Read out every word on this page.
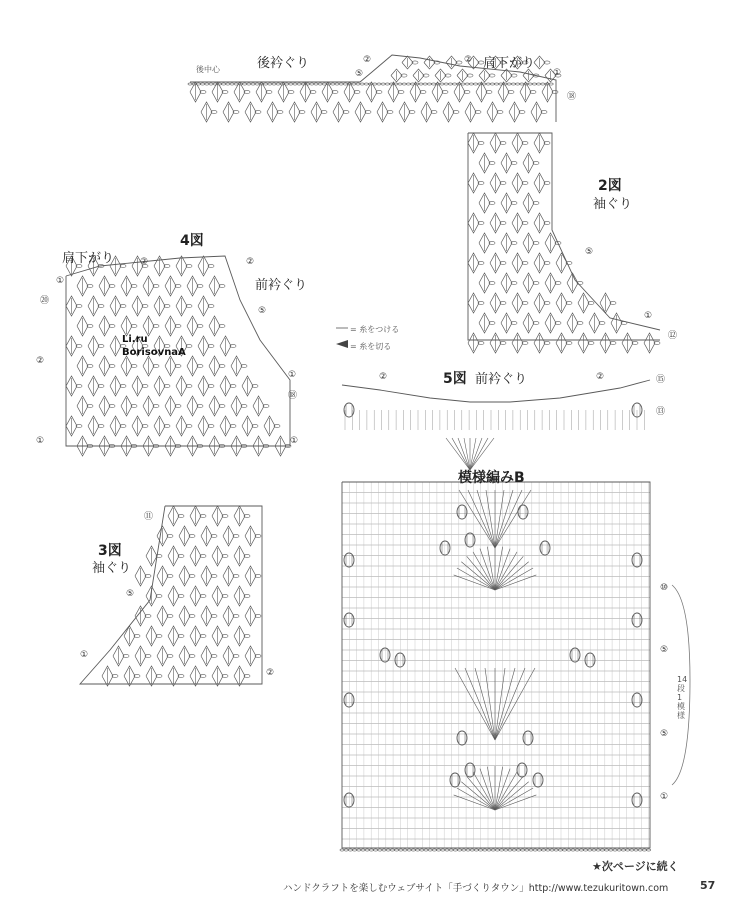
後衿ぐり
後中心	肩下がり
②	②
⑤	①
⑱
2図
袖ぐり
⑤
①
⑫
4図
肩下がり
前衿ぐり
②	②
①
⑳
⑤
②
①
⑱
①	①
Li.ru
BorisovnaA
= 糸をつける
= 糸を切る
5図 前衿ぐり	⑮
②
②
⑬
模様編みB
⑩
⑤
⑤
①
14段1模様
3図
袖ぐり
⑪
⑤
①
②
★次ページに続く
ハンドクラフトを楽しむウェブサイト「手づくりタウン」http://www.tezukuritown.com	57
